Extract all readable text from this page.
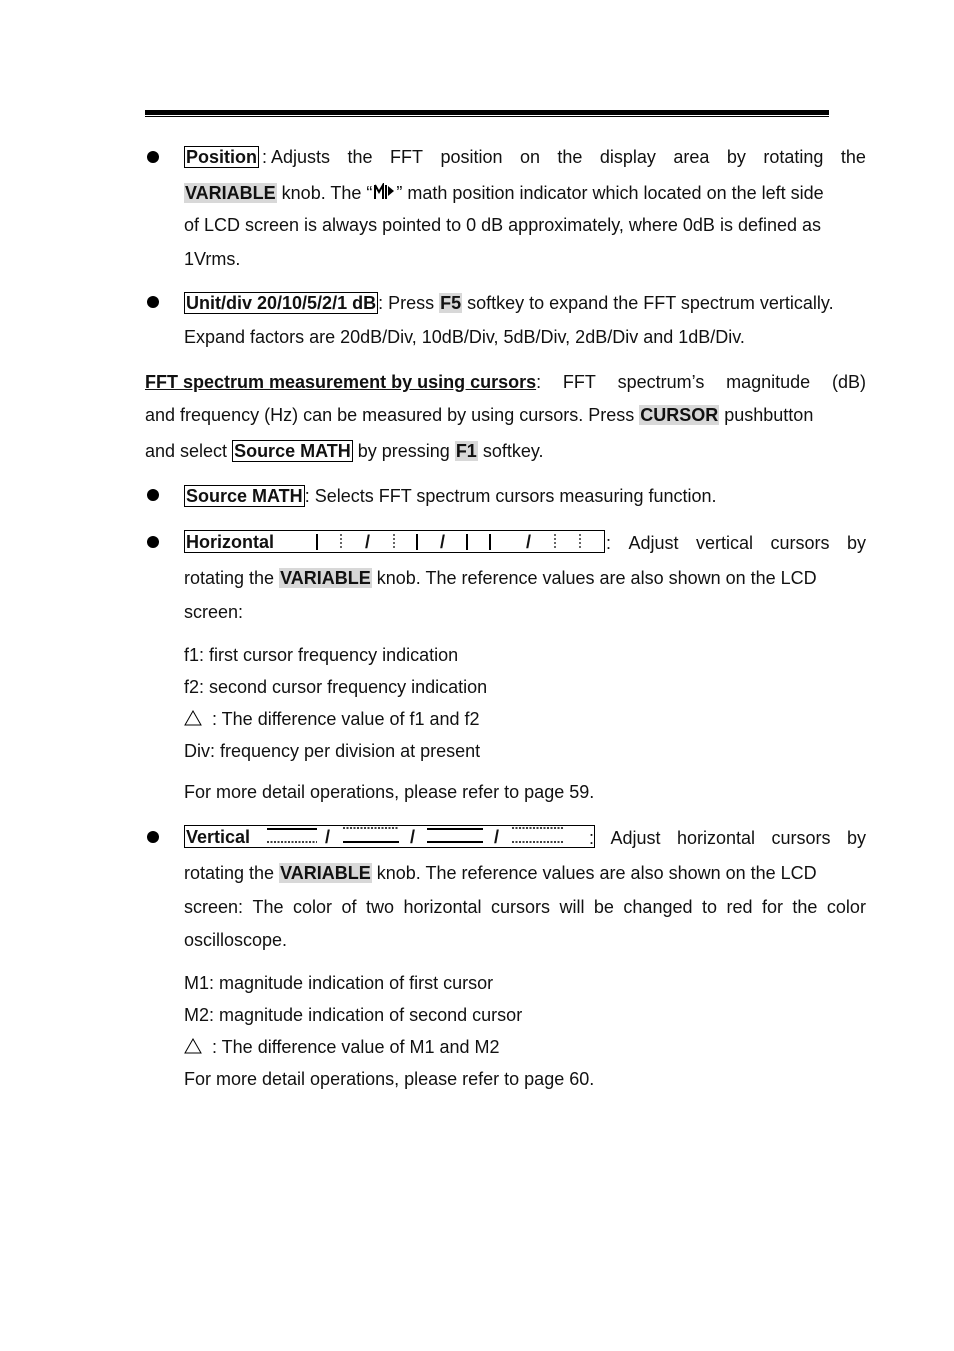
Position : Adjusts the FFT position on the display area by rotating the
VARIABLE knob. The “ ” math position indicator which located on the left side
of LCD screen is always pointed to 0 dB approximately, where 0dB is defined as
1Vrms.
Unit/div 20/10/5/2/1 dB : Press F5 softkey to expand the FFT spectrum vertically.
Expand factors are 20dB/Div, 10dB/Div, 5dB/Div, 2dB/Div and 1dB/Div.
FFT spectrum measurement by using cursors: FFT spectrum’s magnitude (dB)
and frequency (Hz) can be measured by using cursors. Press CURSOR pushbutton
and select Source MATH by pressing F1 softkey.
Source MATH : Selects FFT spectrum cursors measuring function.
Horizontal	/	/	/	: Adjust vertical cursors by
rotating the VARIABLE knob. The reference values are also shown on the LCD
screen:
f1: first cursor frequency indication
f2: second cursor frequency indication
: The difference value of f1 and f2
Div: frequency per division at present
For more detail operations, please refer to page 59.
Vertical	/	/	/	: Adjust horizontal cursors by
rotating the VARIABLE knob. The reference values are also shown on the LCD
screen: The color of two horizontal cursors will be changed to red for the color
oscilloscope.
M1: magnitude indication of first cursor
M2: magnitude indication of second cursor
: The difference value of M1 and M2
For more detail operations, please refer to page 60.
